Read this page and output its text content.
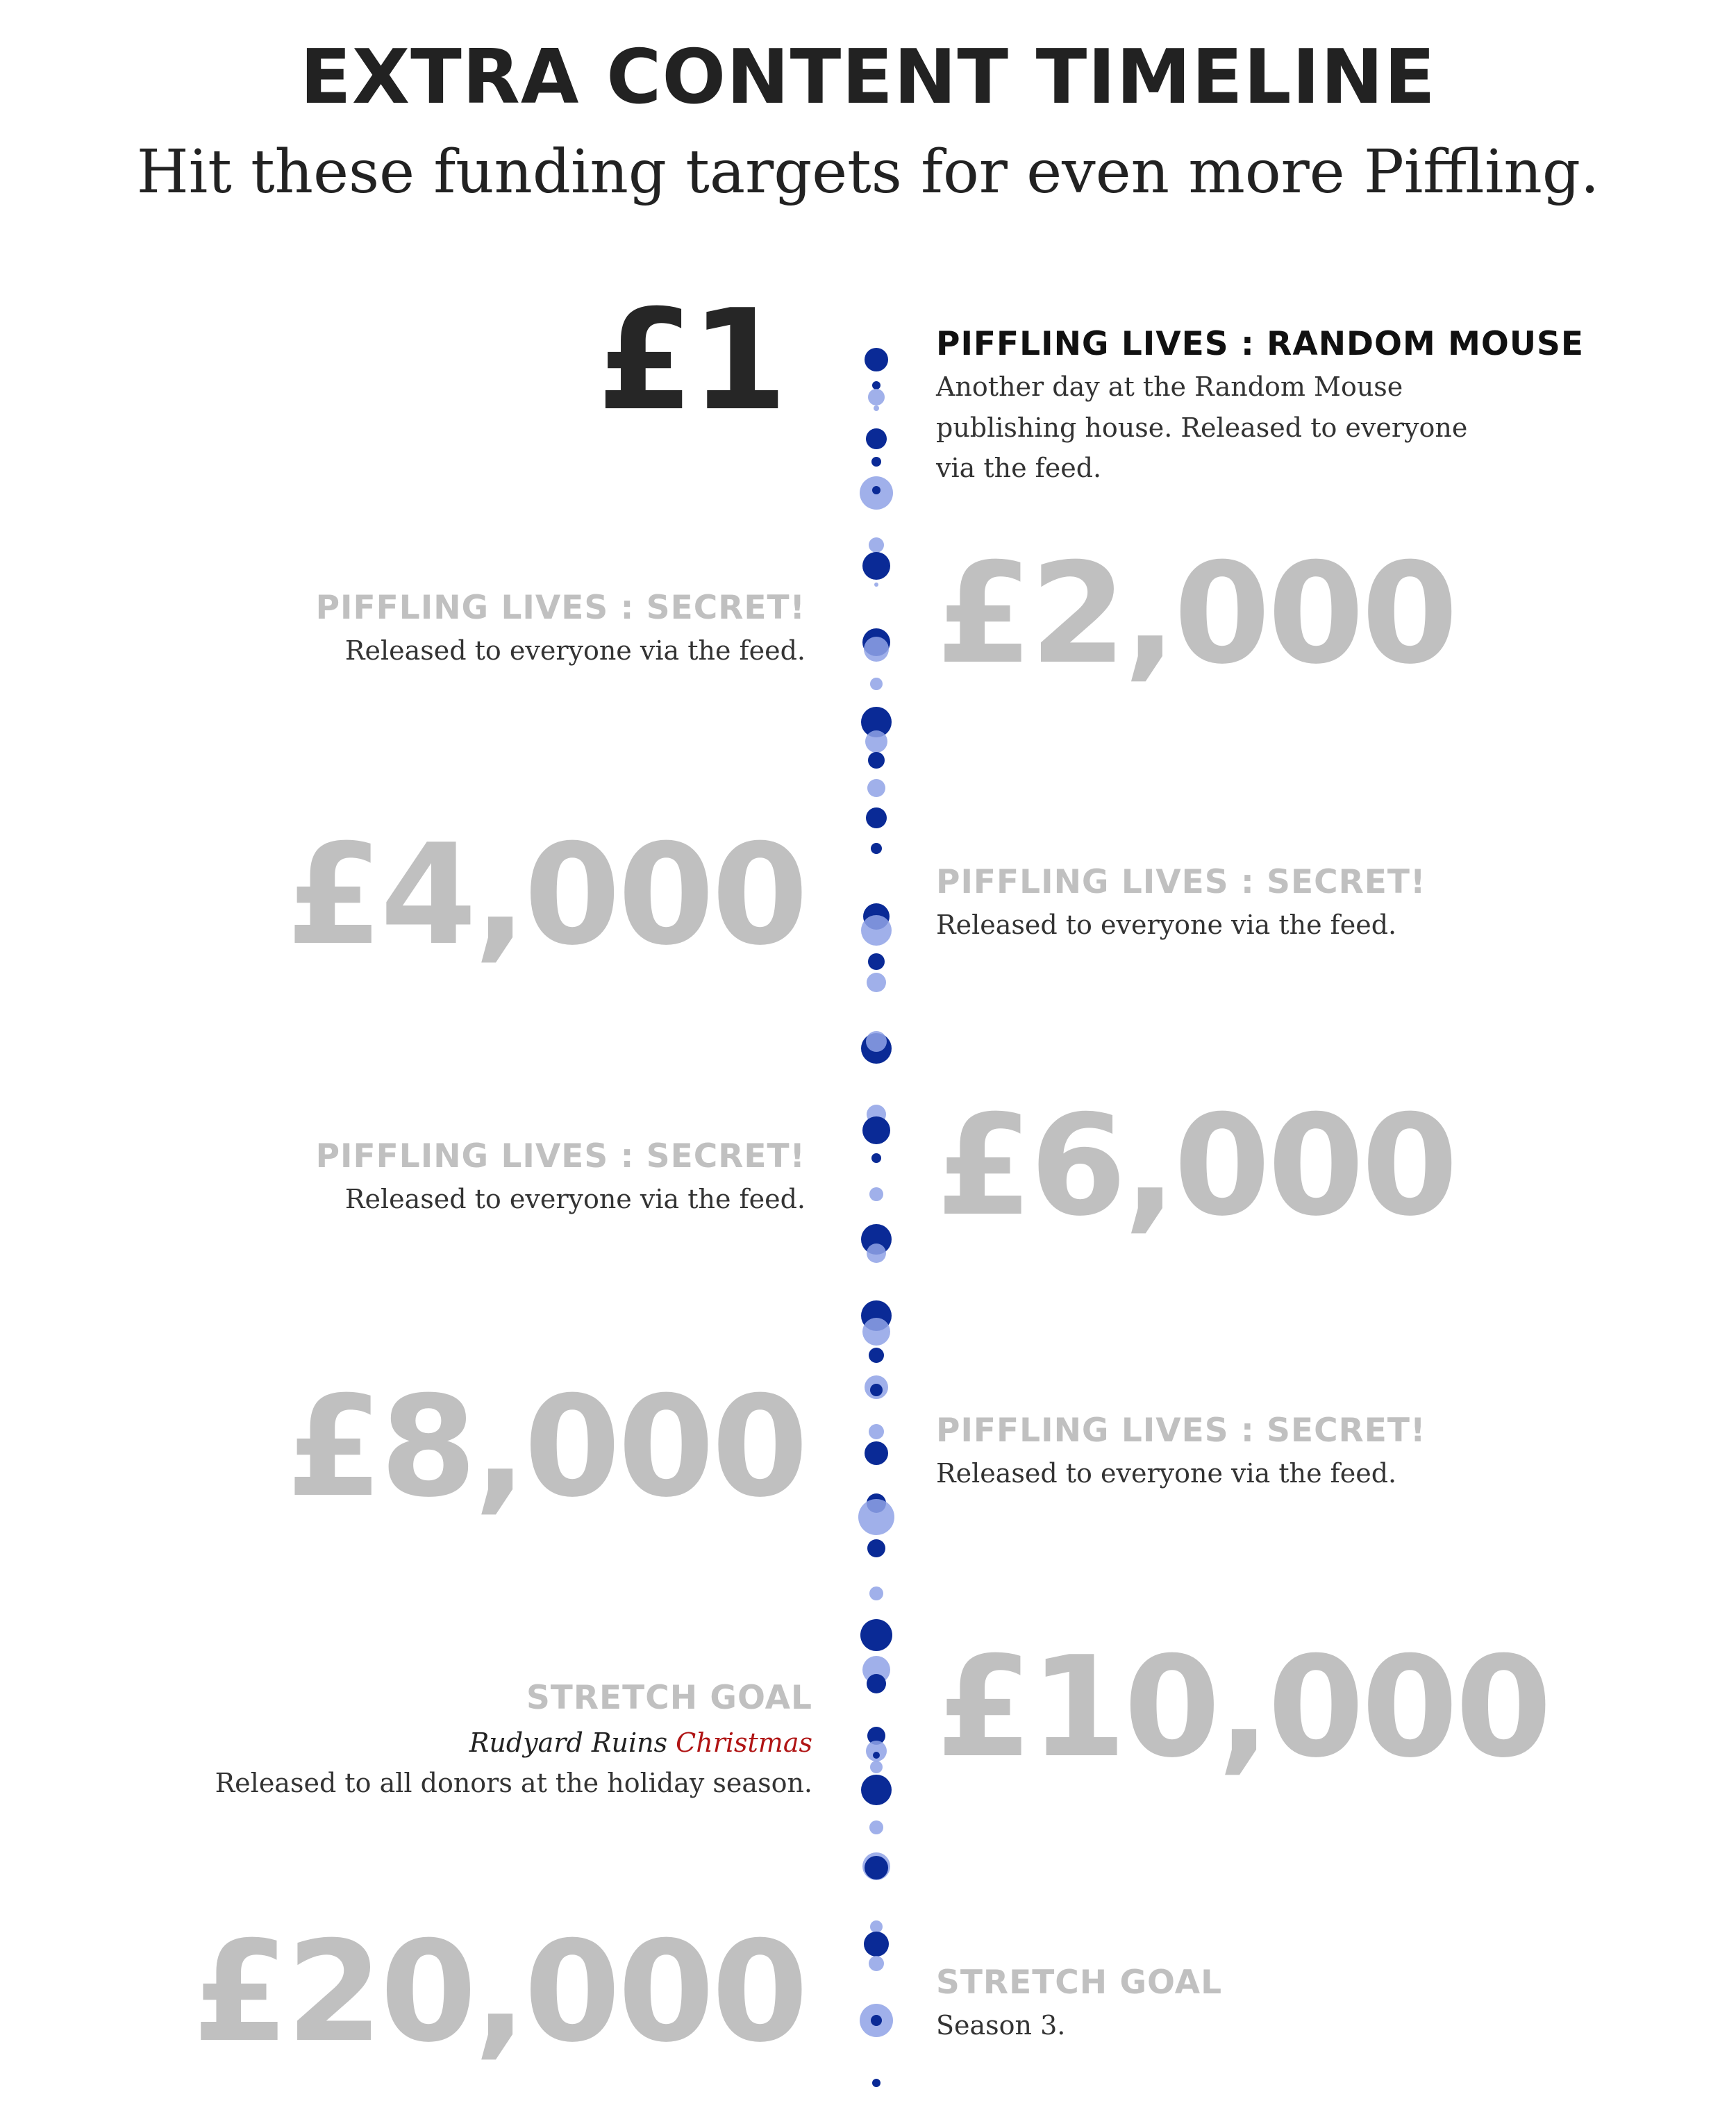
EXTRA CONTENT TIMELINE

Hit these funding targets for even more Piffling.

£1	PIFFLING LIVES : RANDOM MOUSE

Another day at the Random Mouse publishing house. Released to everyone via the feed.

£2,000

PIFFLING LIVES : SECRET!

Released to everyone via the feed.

£4,000	PIFFLING LIVES : SECRET!

Released to everyone via the feed.

£6,000

PIFFLING LIVES : SECRET!

Released to everyone via the feed.

£8,000	PIFFLING LIVES : SECRET!

Released to everyone via the feed.

£10,000

STRETCH GOAL

Rudyard Ruins Christmas

Released to all donors at the holiday season.

£20,000	STRETCH GOAL

Season 3.
